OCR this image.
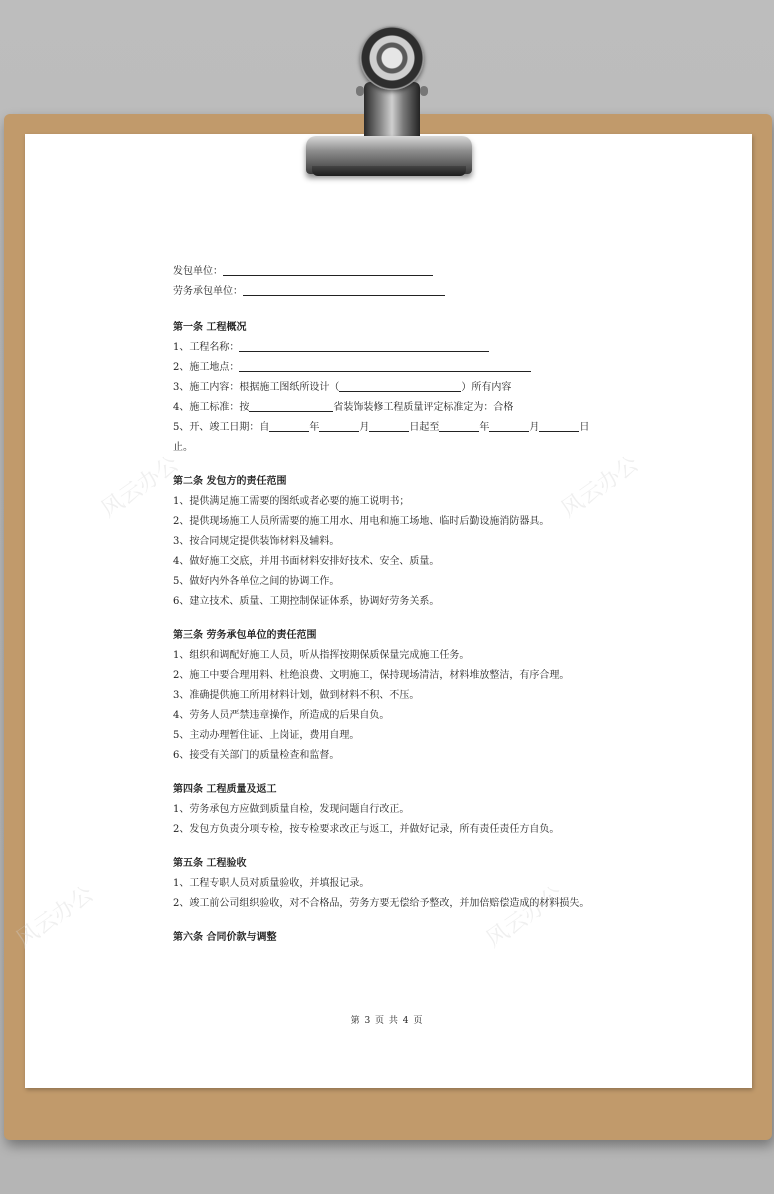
风云办公	风云办公
风云办公	风云办公
发包单位：
劳务承包单位：
第一条 工程概况
1、工程名称：
2、施工地点：
3、施工内容：根据施工图纸所设计（	）所有内容
4、施工标准：按	省装饰装修工程质量评定标准定为：合格
5、开、竣工日期：自	年	月	日起至	年	月	日
止。
第二条 发包方的责任范围
1、提供满足施工需要的图纸或者必要的施工说明书；
2、提供现场施工人员所需要的施工用水、用电和施工场地、临时后勤设施消防器具。
3、按合同规定提供装饰材料及辅料。
4、做好施工交底，并用书面材料安排好技术、安全、质量。
5、做好内外各单位之间的协调工作。
6、建立技术、质量、工期控制保证体系，协调好劳务关系。
第三条 劳务承包单位的责任范围
1、组织和调配好施工人员，听从指挥按期保质保量完成施工任务。
2、施工中要合理用料、杜绝浪费、文明施工，保持现场清洁，材料堆放整洁，有序合理。
3、准确提供施工所用材料计划，做到材料不积、不压。
4、劳务人员严禁违章操作，所造成的后果自负。
5、主动办理暂住证、上岗证，费用自理。
6、接受有关部门的质量检查和监督。
第四条 工程质量及返工
1、劳务承包方应做到质量自检，发现问题自行改正。
2、发包方负责分项专检，按专检要求改正与返工，并做好记录，所有责任责任方自负。
第五条 工程验收
1、工程专职人员对质量验收，并填报记录。
2、竣工前公司组织验收，对不合格品，劳务方要无偿给予整改，并加倍赔偿造成的材料损失。
第六条 合同价款与调整
第 3 页 共 4 页
